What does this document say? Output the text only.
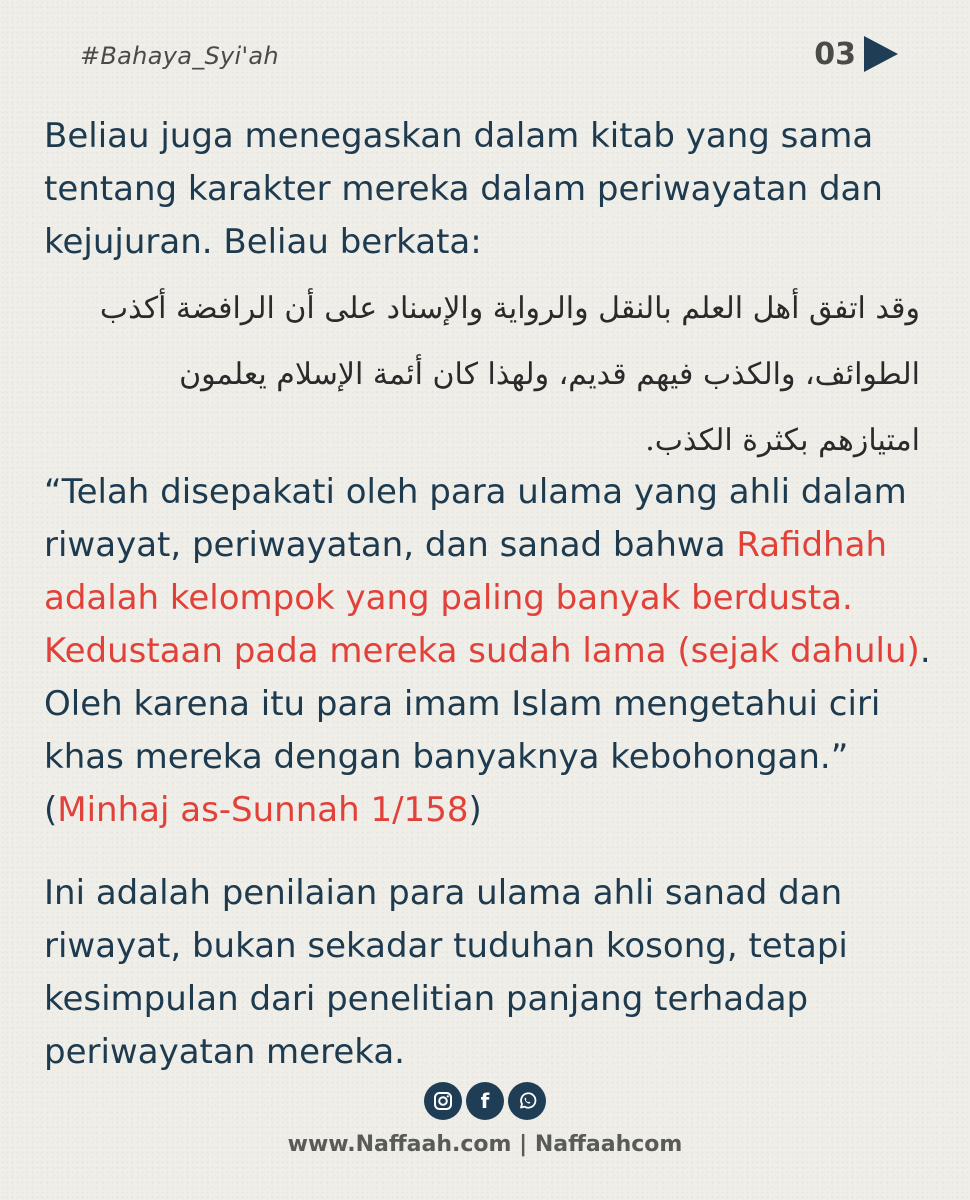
#Bahaya_Syi'ah	03
Beliau juga menegaskan dalam kitab yang sama tentang karakter mereka dalam periwayatan dan kejujuran. Beliau berkata:
وقد اتفق أهل العلم بالنقل والرواية والإسناد على أن الرافضة أكذب
الطوائف، والكذب فيهم قديم، ولهذا كان أئمة الإسلام يعلمون
امتيازهم بكثرة الكذب.
“Telah disepakati oleh para ulama yang ahli dalam riwayat, periwayatan, dan sanad bahwa Rafidhah adalah kelompok yang paling banyak berdusta. Kedustaan pada mereka sudah lama (sejak dahulu). Oleh karena itu para imam Islam mengetahui ciri khas mereka dengan banyaknya kebohongan.” (Minhaj as-Sunnah 1/158)
Ini adalah penilaian para ulama ahli sanad dan riwayat, bukan sekadar tuduhan kosong, tetapi kesimpulan dari penelitian panjang terhadap periwayatan mereka.
f
www.Naffaah.com | Naffaahcom
